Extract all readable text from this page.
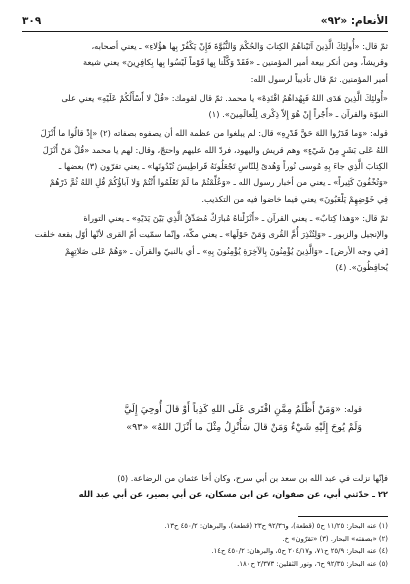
الأنعام: «٩٢»
٣٠٩

ثمّ قال: «أُولئِكَ الَّذِينَ آتَيْناهُمُ الكِتابَ وَالحُكْمَ وَالنُّبُوَّةَ فَإِنْ يَكْفُرْ بِها هؤُلاءِ» ـ يعني أصحابه،
وقريشاً، ومن أنكر بيعة أمير المؤمنين ـ «فَقَدْ وَكَّلْنا بِها قَوْماً لَيْسُوا بِها بِكافِرِينَ» يعني شيعة
أمير المؤمنين. ثمّ قال تأديباً لرسول الله:

«أُولئِكَ الَّذِينَ هَدَى اللهُ فَبِهُداهُمُ اقْتَدِهْ» يا محمد. ثمّ قال لقومك: «قُلْ لا أَسْأَلُكُمْ عَلَيْهِ» يعني على
النبوّة والقرآن ـ «أَجْراً إِنْ هُوَ إِلاّ ذِكْرى لِلْعالَمِينَ». (١)

قوله: «وَما قَدَرُوا اللهَ حَقَّ قَدْرِهِ» قال: لم يبلغوا من عظمة الله أن يصفوه بصفاته (٢) «إِذْ قالُوا ما أَنْزَلَ
اللهُ عَلى بَشَرٍ مِنْ شَيْءٍ» وهم قريش واليهود، فردّ الله عليهم واحتجّ، وقال: لهم يا محمد «قُلْ مَنْ أَنْزَلَ
الكِتابَ الَّذِي جاءَ بِهِ مُوسى نُوراً وَهُدىً لِلنّاسِ تَجْعَلُونَهُ قَراطِيسَ تُبْدُونَها» ـ يعني تقرّون (٣) بعضها ـ
«وَتُخْفُونَ كَثِيراً» ـ يعني من أخبار رسول الله ـ «وَعُلِّمْتُمْ ما لَمْ تَعْلَمُوا أَنْتُمْ وَلا آباؤُكُمْ قُلِ اللهُ ثُمَّ ذَرْهُمْ
فِي خَوْضِهِمْ يَلْعَبُونَ» يعني فيما خاضوا فيه من التكذيب.

ثمّ قال: «وَهذا كِتابٌ» ـ يعني القرآن ـ «أَنْزَلْناهُ مُبارَكٌ مُصَدِّقُ الَّذِي بَيْنَ يَدَيْهِ» ـ يعني التوراة
والإنجيل والزبور ـ «وَلِتُنْذِرَ أُمَّ القُرى وَمَنْ حَوْلَها» ـ يعني مكّة، وإنّما سمّيت أمّ القرى لأنّها أوّل بقعة خلقت
[في وجه الأرض] ـ «وَالَّذِينَ يُؤْمِنُونَ بِالآخِرَةِ يُؤْمِنُونَ بِهِ» ـ أي بالنبيّ والقرآن ـ «وَهُمْ عَلى صَلاتِهِمْ
يُحافِظُونَ». (٤)

قوله: «وَمَنْ أَظْلَمُ مِمَّنِ افْتَرى عَلَى اللهِ كَذِباً أَوْ قالَ أُوحِيَ إِلَيَّ

وَلَمْ يُوحَ إِلَيْهِ شَيْءٌ وَمَنْ قالَ سَأُنْزِلُ مِثْلَ ما أَنْزَلَ اللهُ» «٩٣»

فإنّها نزلت في عبد الله بن سعد بن أبي سرح، وكان أخا عثمان من الرضاعة. (٥)

٢٢ ـ حدّثني أبي، عن صفوان، عن ابن مسكان، عن أبي بصير، عن أبي عبد الله

(١) عنه البحار: ١١/٢٥ ح٥ (قطعة)، و٩٢/٣٦ ح٢٣ (قطعة)، والبرهان: ٤٥٠/٢ ح١٣.

(٢) «بصفته» البحار. (٣) «تقرّون» خ.

(٤) عنه البحار: ٢٥/٩ ح٧١، و٢٠٤/١٧ ح٥، والبرهان: ٤٥٠/٢ ح١٤.

(٥) عنه البحار: ٩٢/٣٥ ح٦، ونور الثقلين: ٢/٣٧٣ ح١٨٠.
